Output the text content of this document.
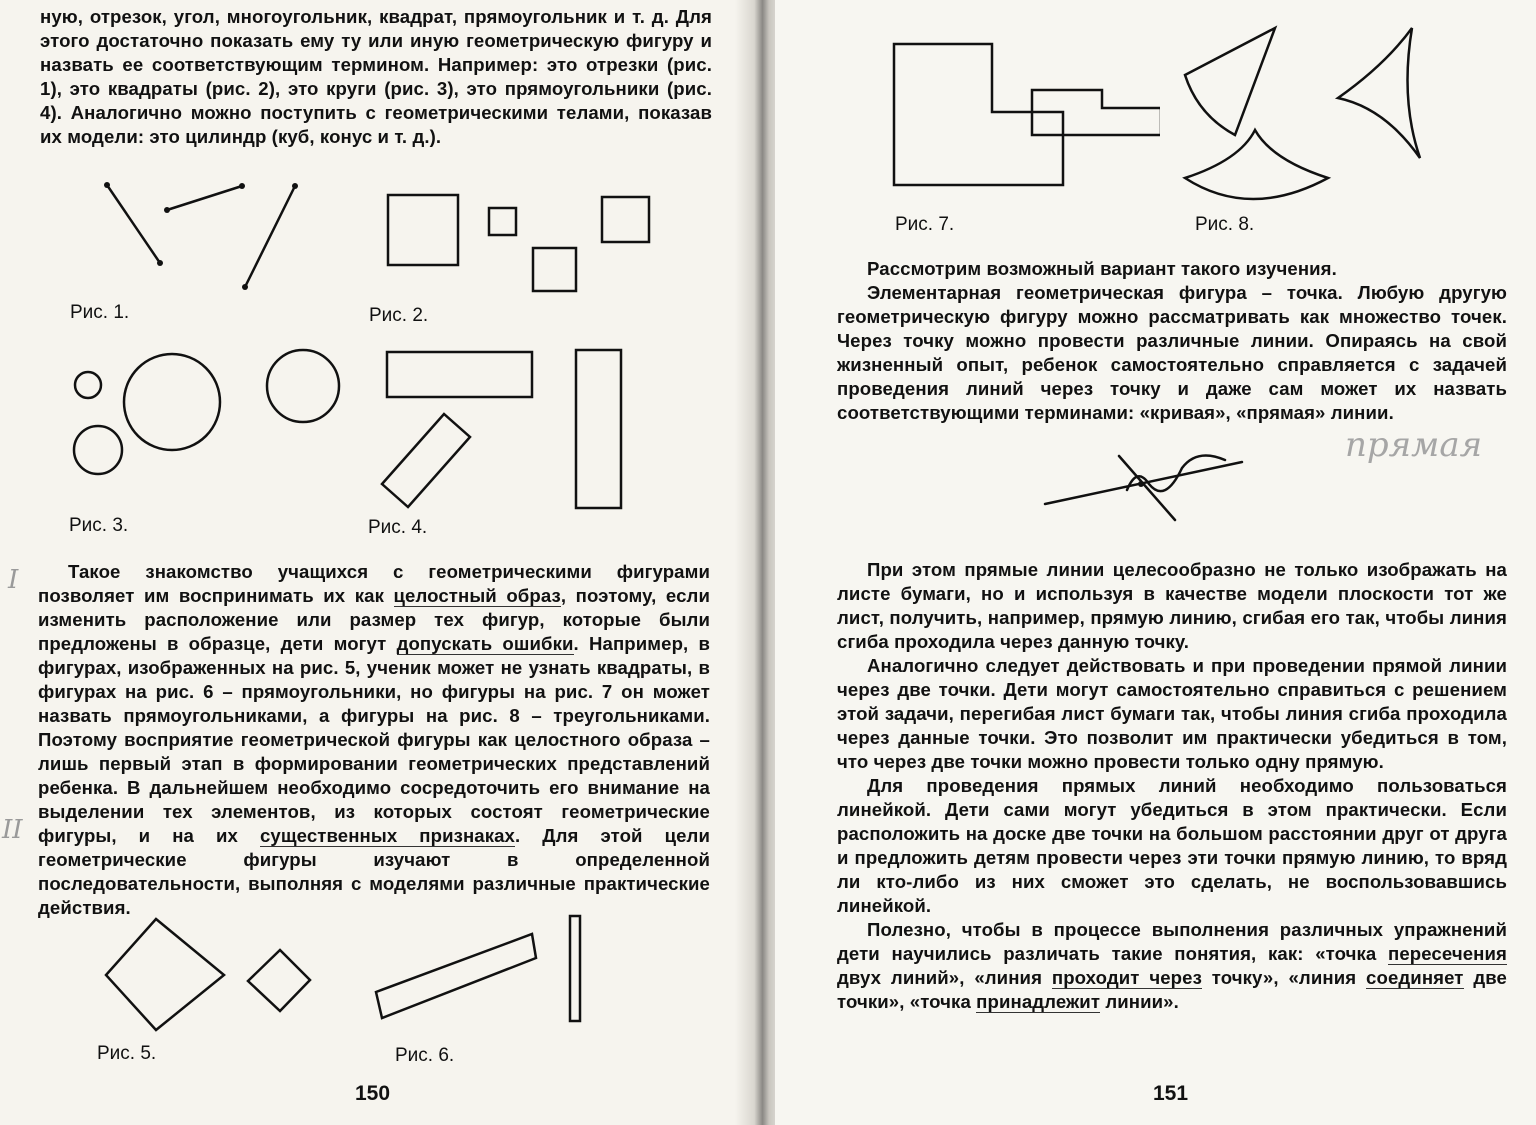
ную, отрезок, угол, многоугольник, квадрат, прямоугольник и т. д. Для этого достаточно показать ему ту или иную геометрическую фигуру и назвать ее соответствующим термином. Например: это отрезки (рис. 1), это квадраты (рис. 2), это круги (рис. 3), это прямоугольники (рис. 4). Аналогично можно поступить с геометрическими телами, показав их модели: это цилиндр (куб, конус и т. д.).

Рис. 1.	Рис. 2.
Рис. 3.	Рис. 4.

Такое знакомство учащихся с геометрическими фигурами позволяет им воспринимать их как целостный образ, поэтому, если изменить расположение или размер тех фигур, которые были предложены в образце, дети могут допускать ошибки. Например, в фигурах, изображенных на рис. 5, ученик может не узнать квадраты, в фигурах на рис. 6 – прямоугольники, но фигуры на рис. 7 он может назвать прямоугольниками, а фигуры на рис. 8 – треугольниками. Поэтому восприятие геометрической фигуры как целостного образа – лишь первый этап в формировании геометрических представлений ребенка. В дальнейшем необходимо сосредоточить его внимание на выделении тех элементов, из которых состоят геометрические фигуры, и на их существенных признаках. Для этой цели геометрические фигуры изучают в определенной последовательности, выполняя с моделями различные практические действия.

I
II
Рис. 5.	Рис. 6.
150
Рис. 7.	Рис. 8.

Рассмотрим возможный вариант такого изучения.

Элементарная геометрическая фигура – точка. Любую другую геометрическую фигуру можно рассматривать как множество точек. Через точку можно провести различные линии. Опираясь на свой жизненный опыт, ребенок самостоятельно справляется с задачей проведения линий через точку и даже сам может их назвать соответствующими терминами: «кривая», «прямая» линии.

прямая

При этом прямые линии целесообразно не только изображать на листе бумаги, но и используя в качестве модели плоскости тот же лист, получить, например, прямую линию, сгибая его так, чтобы линия сгиба проходила через данную точку.

Аналогично следует действовать и при проведении прямой линии через две точки. Дети могут самостоятельно справиться с решением этой задачи, перегибая лист бумаги так, чтобы линия сгиба проходила через данные точки. Это позволит им практически убедиться в том, что через две точки можно провести только одну прямую.

Для проведения прямых линий необходимо пользоваться линейкой. Дети сами могут убедиться в этом практически. Если расположить на доске две точки на большом расстоянии друг от друга и предложить детям провести через эти точки прямую линию, то вряд ли кто-либо из них сможет это сделать, не воспользовавшись линейкой.

Полезно, чтобы в процессе выполнения различных упражнений дети научились различать такие понятия, как: «точка пересечения двух линий», «линия проходит через точку», «линия соединяет две точки», «точка принадлежит линии».

151
